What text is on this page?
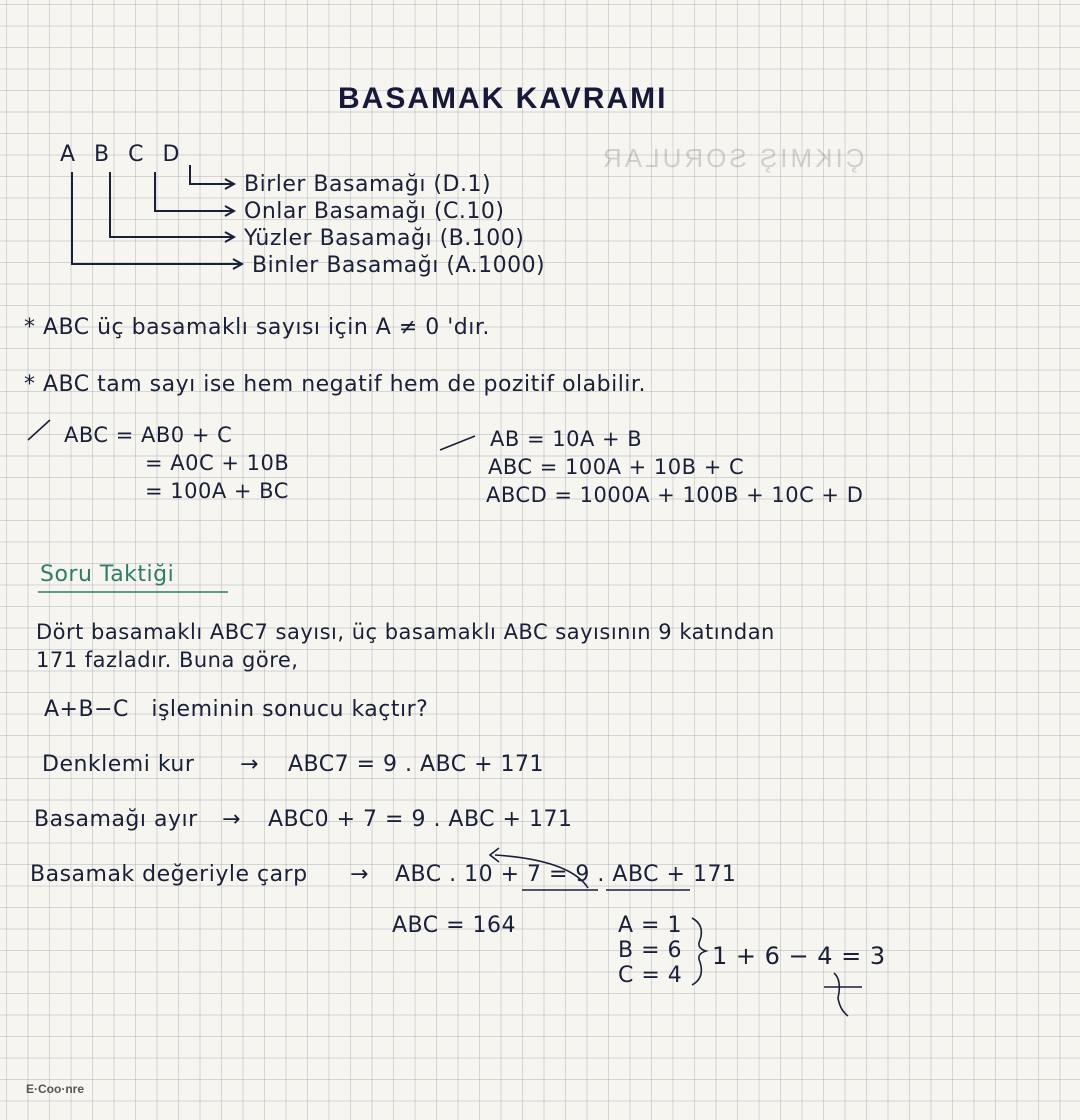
ÇIKMIŞ SORULAR
BASAMAK KAVRAMI
A B C D
Birler Basamağı (D.1)
Onlar Basamağı (C.10)
Yüzler Basamağı (B.100)
Binler Basamağı (A.1000)
* ABC üç basamaklı sayısı için A ≠ 0 'dır.
* ABC tam sayı ise hem negatif hem de pozitif olabilir.
ABC = AB0 + C
= A0C + 10B
= 100A + BC
AB = 10A + B
ABC = 100A + 10B + C
ABCD = 1000A + 100B + 10C + D
Soru Taktiği
Dört basamaklı ABC7 sayısı, üç basamaklı ABC sayısının 9 katından
171 fazladır. Buna göre,
A+B−C   işleminin sonucu kaçtır?
Denklemi kur → ABC7 = 9 . ABC + 171
Basamağı ayır → ABC0 + 7 = 9 . ABC + 171
Basamak değeriyle çarp → ABC . 10 + 7 = 9 . ABC + 171
ABC = 164	A = 1
B = 6
C = 4
1 + 6 − 4 = 3
E·Coo·nre
